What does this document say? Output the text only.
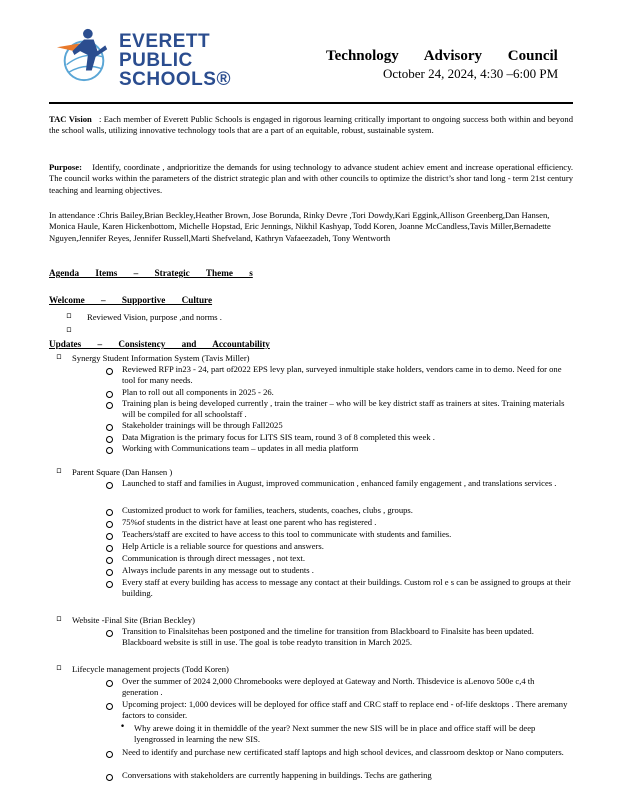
EVERETT
PUBLIC
SCHOOLS®
Technology Advisory Council
October 24, 2024, 4:30 –6:00 PM
TAC Vision : Each member of Everett Public Schools is engaged in rigorous learning critically important to ongoing success both within and beyond the school walls, utilizing innovative technology tools that are a part of an equitable, robust, sustainable system.
Purpose: Identify, coordinate , andprioritize the demands for using technology to advance student achiev ement and increase operational efficiency. The council works within the parameters of the district strategic plan and with other councils to optimize the district’s shor tand long - term 21st century teaching and learning objectives.
In attendance :Chris Bailey,Brian Beckley,Heather Brown, Jose Borunda, Rinky Devre ,Tori Dowdy,Kari Eggink,Allison Greenberg,Dan Hansen, Monica Haule, Karen Hickenbottom, Michelle Hopstad, Eric Jennings, Nikhil Kashyap, Todd Koren, Joanne McCandless,Tavis Miller,Bernadette Nguyen,Jennifer Reyes, Jennifer Russell,Marti Shefveland, Kathryn Vafaeezadeh, Tony Wentworth
Agenda Items – Strategic Theme s
Welcome – Supportive Culture
▫ Reviewed Vision, purpose ,and norms .
▫
Updates – Consistency and Accountability
▫ Synergy Student Information System (Tavis Miller)
Reviewed RFP in23 - 24, part of2022 EPS levy plan, surveyed inmultiple stake holders, vendors came in to demo. Need for one tool for many needs.
Plan to roll out all components in 2025 - 26.
Training plan is being developed currently , train the trainer – who will be key district staff as trainers at sites. Training materials will be compiled for all schoolstaff .
Stakeholder trainings will be through Fall2025
Data Migration is the primary focus for LITS SIS team, round 3 of 8 completed this week .
Working with Communications team – updates in all media platform
▫ Parent Square (Dan Hansen )
Launched to staff and families in August, improved communication , enhanced family engagement , and translations services .
Customized product to work for families, teachers, students, coaches, clubs , groups.
75%of students in the district have at least one parent who has registered .
Teachers/staff are excited to have access to this tool to communicate with students and families.
Help Article is a reliable source for questions and answers.
Communication is through direct messages , not text.
Always include parents in any message out to students .
Every staff at every building has access to message any contact at their buildings. Custom rol e s can be assigned to groups at their building.
▫ Website -Final Site (Brian Beckley)
Transition to Finalsitehas been postponed and the timeline for transition from Blackboard to Finalsite has been updated. Blackboard website is still in use. The goal is tobe readyto transition in March 2025.
▫ Lifecycle management projects (Todd Koren)
Over the summer of 2024 2,000 Chromebooks were deployed at Gateway and North. Thisdevice is aLenovo 500e c,4 th generation .
Upcoming project: 1,000 devices will be deployed for office staff and CRC staff to replace end - of-life desktops . There aremany factors to consider.
• Why arewe doing it in themiddle of the year? Next summer the new SIS will be in place and office staff will be deep lyengrossed in learning the new SIS.
Need to identify and purchase new certificated staff laptops and high school devices, and classroom desktop or Nano computers.
Conversations with stakeholders are currently happening in buildings. Techs are gathering
